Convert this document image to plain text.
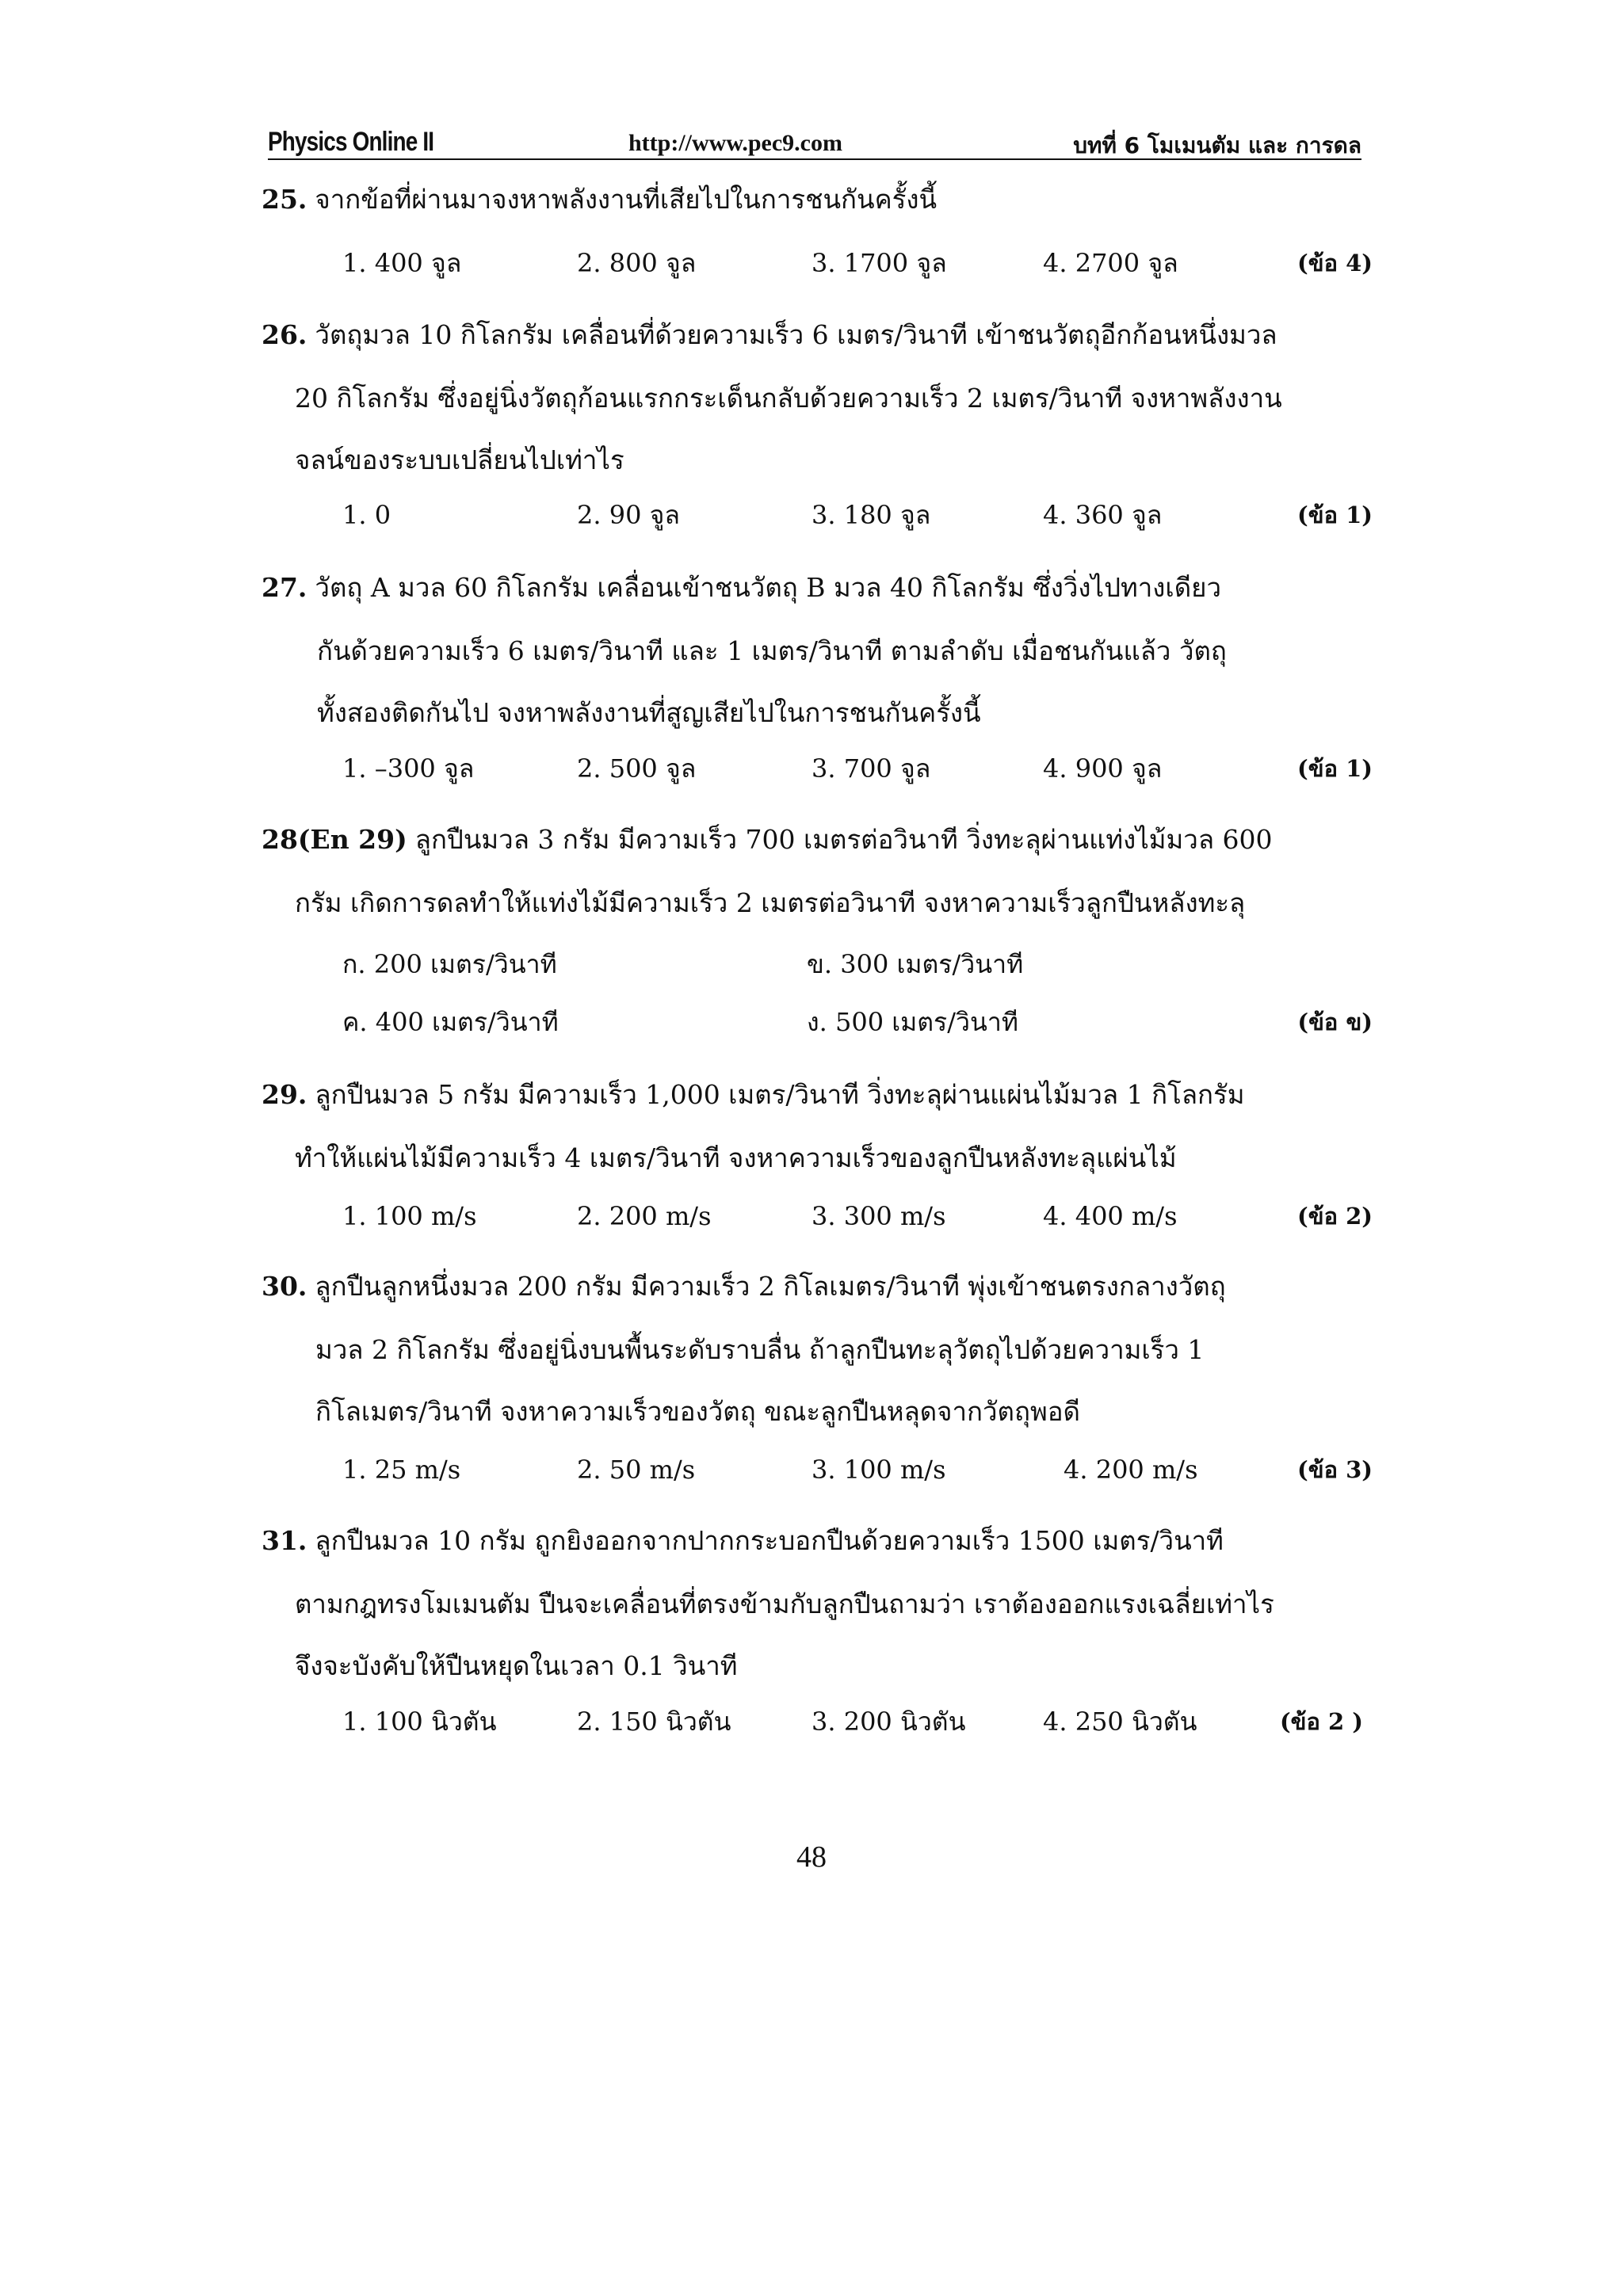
Physics Online II	http://www.pec9.com	บทที่ 6 โมเมนตัม และ การดล
25. จากข้อที่ผ่านมาจงหาพลังงานที่เสียไปในการชนกันครั้งนี้
1. 400 จูล	2. 800 จูล	3. 1700 จูล	4. 2700 จูล	(ข้อ 4)
26. วัตถุมวล 10 กิโลกรัม เคลื่อนที่ด้วยความเร็ว 6 เมตร/วินาที เข้าชนวัตถุอีกก้อนหนึ่งมวล
20 กิโลกรัม ซึ่งอยู่นิ่งวัตถุก้อนแรกกระเด็นกลับด้วยความเร็ว 2 เมตร/วินาที จงหาพลังงาน
จลน์ของระบบเปลี่ยนไปเท่าไร
1. 0	2. 90 จูล	3. 180 จูล	4. 360 จูล	(ข้อ 1)
27. วัตถุ A มวล 60 กิโลกรัม เคลื่อนเข้าชนวัตถุ B มวล 40 กิโลกรัม ซึ่งวิ่งไปทางเดียว
กันด้วยความเร็ว 6 เมตร/วินาที และ 1 เมตร/วินาที ตามลำดับ เมื่อชนกันแล้ว วัตถุ
ทั้งสองติดกันไป จงหาพลังงานที่สูญเสียไปในการชนกันครั้งนี้
1. –300 จูล	2. 500 จูล	3. 700 จูล	4. 900 จูล	(ข้อ 1)
28(En 29) ลูกปืนมวล 3 กรัม มีความเร็ว 700 เมตรต่อวินาที วิ่งทะลุผ่านแท่งไม้มวล 600
กรัม เกิดการดลทำให้แท่งไม้มีความเร็ว 2 เมตรต่อวินาที จงหาความเร็วลูกปืนหลังทะลุ
ก. 200 เมตร/วินาที	ข. 300 เมตร/วินาที
ค. 400 เมตร/วินาที	ง. 500 เมตร/วินาที	(ข้อ ข)
29. ลูกปืนมวล 5 กรัม มีความเร็ว 1,000 เมตร/วินาที วิ่งทะลุผ่านแผ่นไม้มวล 1 กิโลกรัม
ทำให้แผ่นไม้มีความเร็ว 4 เมตร/วินาที จงหาความเร็วของลูกปืนหลังทะลุแผ่นไม้
1. 100 m/s	2. 200 m/s	3. 300 m/s	4. 400 m/s	(ข้อ 2)
30. ลูกปืนลูกหนึ่งมวล 200 กรัม มีความเร็ว 2 กิโลเมตร/วินาที พุ่งเข้าชนตรงกลางวัตถุ
มวล 2 กิโลกรัม ซึ่งอยู่นิ่งบนพื้นระดับราบลื่น ถ้าลูกปืนทะลุวัตถุไปด้วยความเร็ว 1
กิโลเมตร/วินาที จงหาความเร็วของวัตถุ ขณะลูกปืนหลุดจากวัตถุพอดี
1. 25 m/s	2. 50 m/s	3. 100 m/s	4. 200 m/s	(ข้อ 3)
31. ลูกปืนมวล 10 กรัม ถูกยิงออกจากปากกระบอกปืนด้วยความเร็ว 1500 เมตร/วินาที
ตามกฎทรงโมเมนตัม ปืนจะเคลื่อนที่ตรงข้ามกับลูกปืนถามว่า เราต้องออกแรงเฉลี่ยเท่าไร
จึงจะบังคับให้ปืนหยุดในเวลา 0.1 วินาที
1. 100 นิวตัน	2. 150 นิวตัน	3. 200 นิวตัน	4. 250 นิวตัน	(ข้อ 2 )
48
